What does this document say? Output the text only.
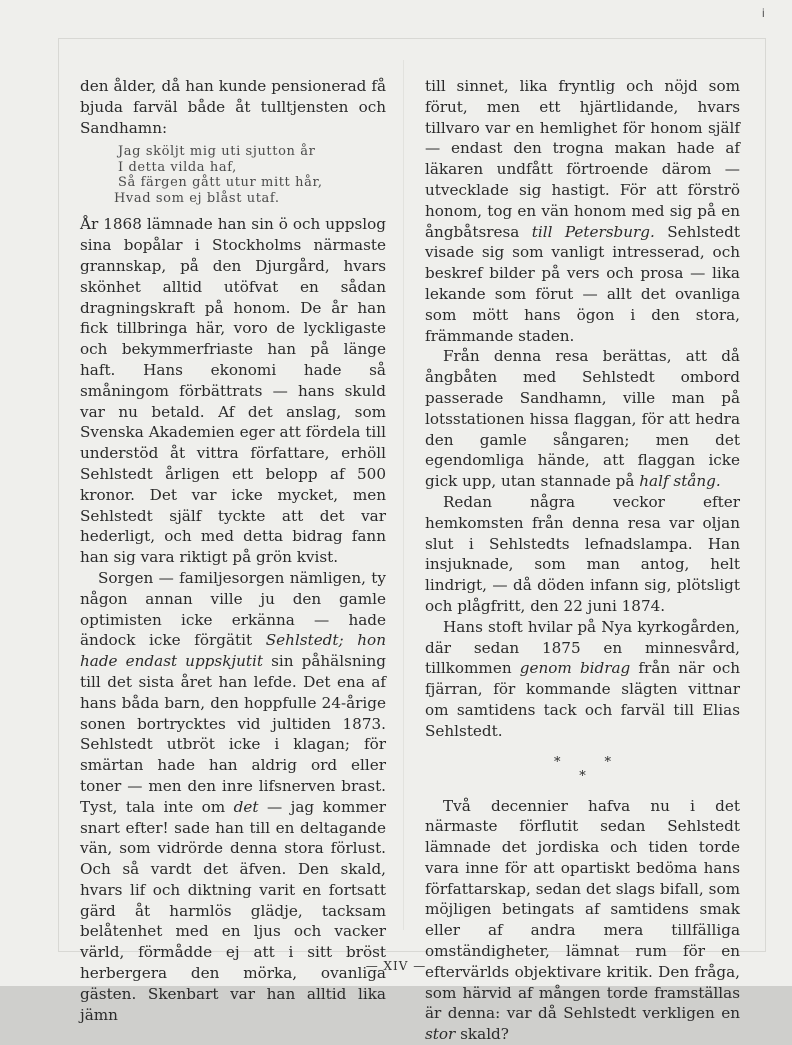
i

den ålder, då han kunde pensionerad få bjuda farväl både åt tulltjensten och Sandhamn:

Jag sköljt mig uti sjutton år
I detta vilda haf,
Så färgen gått utur mitt hår,
Hvad som ej blåst utaf.

År 1868 lämnade han sin ö och uppslog sina bopålar i Stockholms närmaste grannskap, på den Djurgård, hvars skönhet alltid utöfvat en sådan dragningskraft på honom. De år han fick tillbringa här, voro de lyckligaste och bekymmerfriaste han på länge haft. Hans ekonomi hade så småningom förbättrats — hans skuld var nu betald. Af det anslag, som Svenska Akademien eger att fördela till understöd åt vittra författare, erhöll Sehlstedt årligen ett belopp af 500 kronor. Det var icke mycket, men Sehlstedt själf tyckte att det var hederligt, och med detta bidrag fann han sig vara riktigt på grön kvist.

Sorgen — familjesorgen nämligen, ty någon annan ville ju den gamle optimisten icke erkänna — hade ändock icke förgätit Sehlstedt; hon hade endast uppskjutit sin påhälsning till det sista året han lefde. Det ena af hans båda barn, den hoppfulle 24-årige sonen bortrycktes vid jultiden 1873. Sehlstedt utbröt icke i klagan; för smärtan hade han aldrig ord eller toner — men den inre lifsnerven brast. Tyst, tala inte om det — jag kommer snart efter! sade han till en deltagande vän, som vidrörde denna stora förlust. Och så vardt det äfven. Den skald, hvars lif och diktning varit en fortsatt gärd åt harmlös glädje, tacksam belåtenhet med en ljus och vacker värld, förmådde ej att i sitt bröst herbergera den mörka, ovanliga gästen. Skenbart var han alltid lika jämn

till sinnet, lika fryntlig och nöjd som förut, men ett hjärtlidande, hvars tillvaro var en hemlighet för honom själf — endast den trogna makan hade af läkaren undfått förtroende därom — utvecklade sig hastigt. För att förströ honom, tog en vän honom med sig på en ångbåtsresa till Petersburg. Sehlstedt visade sig som vanligt intresserad, och beskref bilder på vers och prosa — lika lekande som förut — allt det ovanliga som mött hans ögon i den stora, främmande staden.

Från denna resa berättas, att då ångbåten med Sehlstedt ombord passerade Sandhamn, ville man på lotsstationen hissa flaggan, för att hedra den gamle sångaren; men det egendomliga hände, att flaggan icke gick upp, utan stannade på half stång.

Redan några veckor efter hemkomsten från denna resa var oljan slut i Sehlstedts lefnadslampa. Han insjuknade, som man antog, helt lindrigt, — då döden infann sig, plötsligt och plågfritt, den 22 juni 1874.

Hans stoft hvilar på Nya kyrkogården, där sedan 1875 en minnesvård, tillkommen genom bidrag från när och fjärran, för kommande slägten vittnar om samtidens tack och farväl till Elias Sehlstedt.

*	*
*

Två decennier hafva nu i det närmaste förflutit sedan Sehlstedt lämnade det jordiska och tiden torde vara inne för att opartiskt bedöma hans författarskap, sedan det slags bifall, som möjligen betingats af samtidens smak eller af andra mera tillfälliga omständigheter, lämnat rum för en eftervärlds objektivare kritik. Den fråga, som härvid af mången torde framställas är denna: var då Sehlstedt verkligen en stor skald?

— XIV —
